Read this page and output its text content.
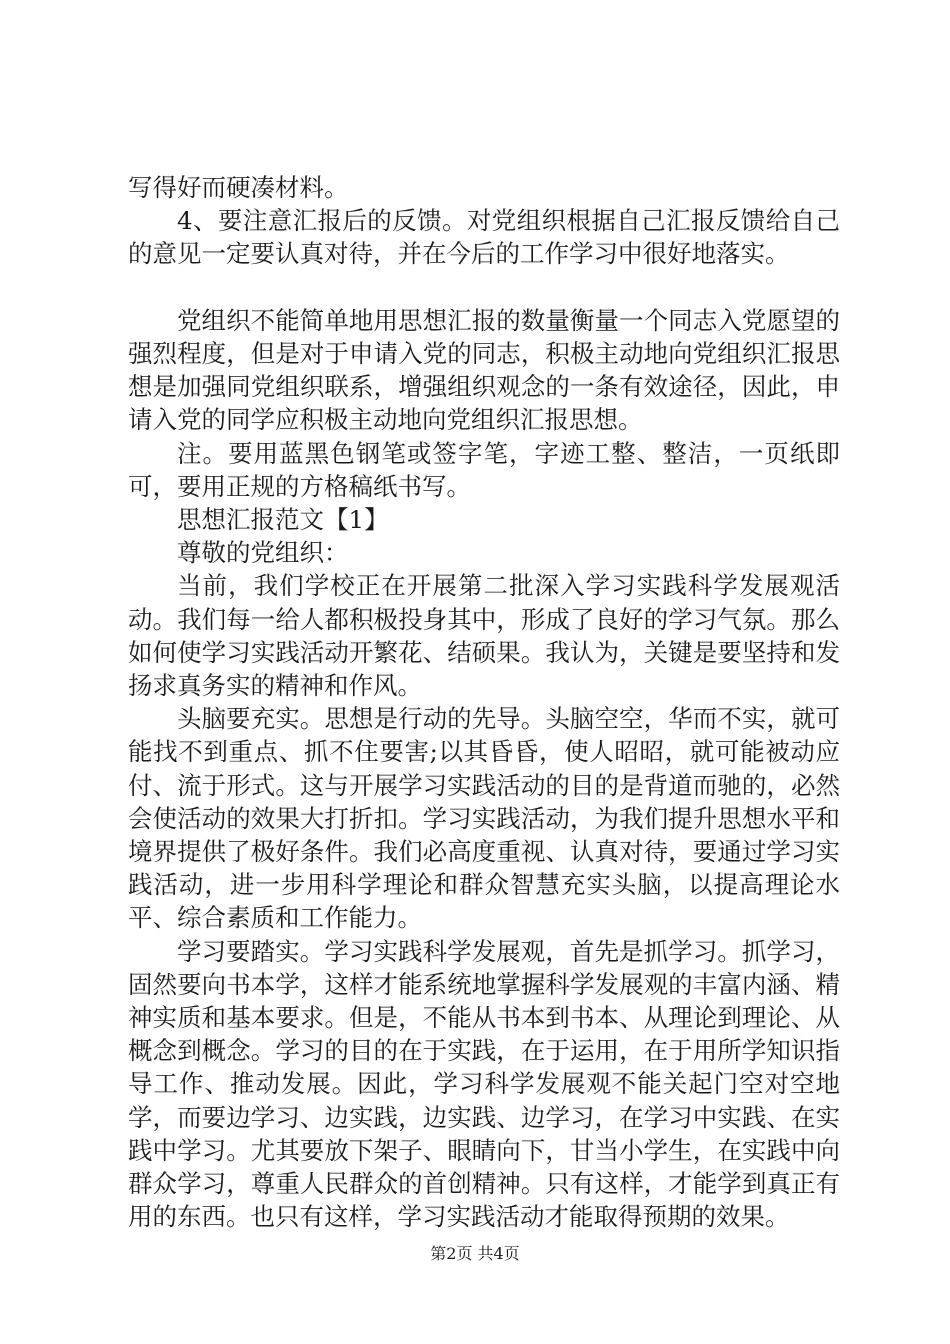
写得好而硬凑材料。

4、要注意汇报后的反馈。对党组织根据自己汇报反馈给自己的意见一定要认真对待，并在今后的工作学习中很好地落实。

党组织不能简单地用思想汇报的数量衡量一个同志入党愿望的强烈程度，但是对于申请入党的同志，积极主动地向党组织汇报思想是加强同党组织联系，增强组织观念的一条有效途径，因此，申请入党的同学应积极主动地向党组织汇报思想。

注。要用蓝黑色钢笔或签字笔，字迹工整、整洁，一页纸即可，要用正规的方格稿纸书写。

思想汇报范文【1】

尊敬的党组织：

当前，我们学校正在开展第二批深入学习实践科学发展观活动。我们每一给人都积极投身其中，形成了良好的学习气氛。那么如何使学习实践活动开繁花、结硕果。我认为，关键是要坚持和发扬求真务实的精神和作风。

头脑要充实。思想是行动的先导。头脑空空，华而不实，就可能找不到重点、抓不住要害;以其昏昏，使人昭昭，就可能被动应付、流于形式。这与开展学习实践活动的目的是背道而驰的，必然会使活动的效果大打折扣。学习实践活动，为我们提升思想水平和境界提供了极好条件。我们必高度重视、认真对待，要通过学习实践活动，进一步用科学理论和群众智慧充实头脑，以提高理论水平、综合素质和工作能力。

学习要踏实。学习实践科学发展观，首先是抓学习。抓学习，固然要向书本学，这样才能系统地掌握科学发展观的丰富内涵、精神实质和基本要求。但是，不能从书本到书本、从理论到理论、从概念到概念。学习的目的在于实践，在于运用，在于用所学知识指导工作、推动发展。因此，学习科学发展观不能关起门空对空地学，而要边学习、边实践，边实践、边学习，在学习中实践、在实践中学习。尤其要放下架子、眼睛向下，甘当小学生，在实践中向群众学习，尊重人民群众的首创精神。只有这样，才能学到真正有用的东西。也只有这样，学习实践活动才能取得预期的效果。

第2页 共4页
